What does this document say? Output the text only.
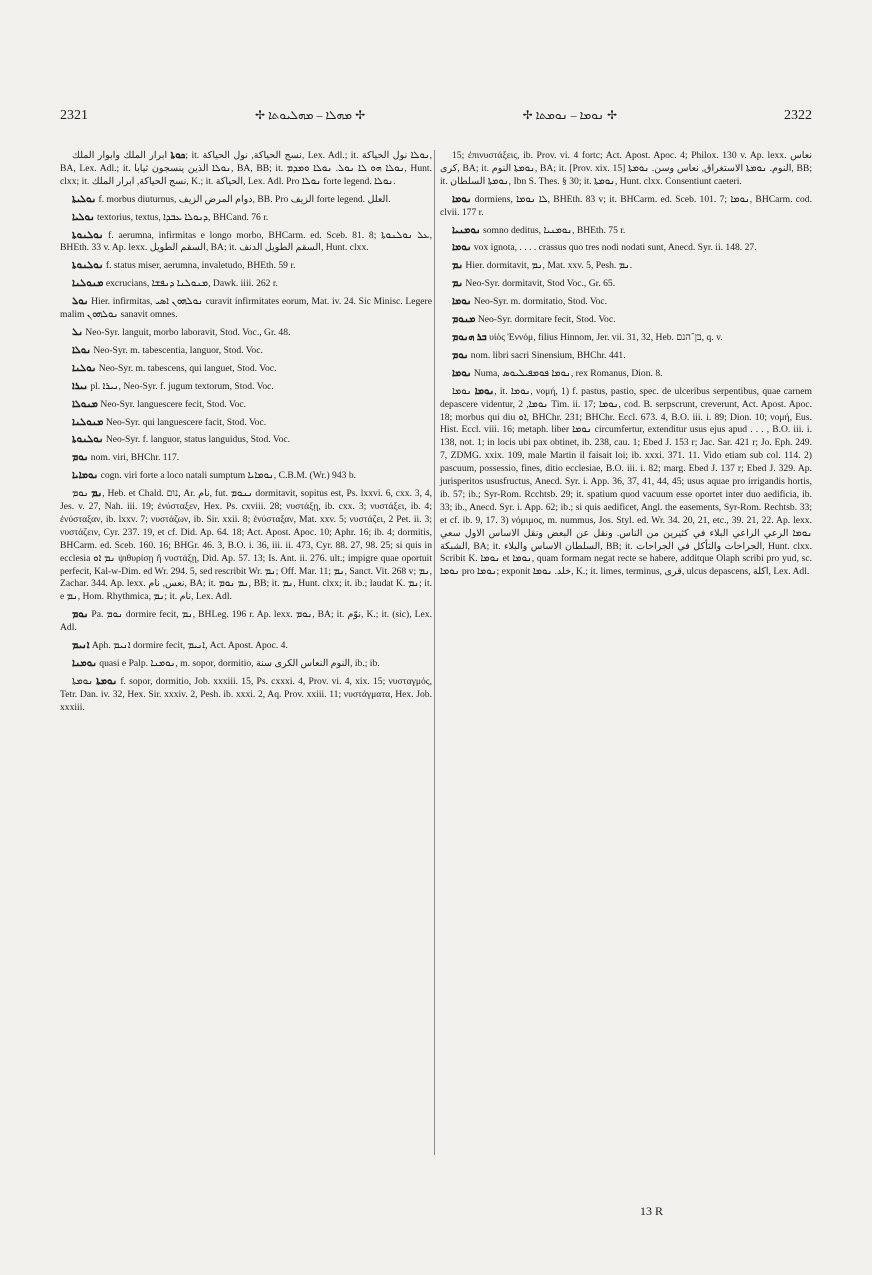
2321	✢ ܡܗܠܐ – ܡܗܠܝܘܬܐ ✢	✢ ܢܘܡܐ – ܢܘܡܬܐ ✢	2322

ܟܘܬܐ ابرار الملك وابوار الملك; it. نسج الحياكة, نول الحياكة, Lex. Adl.; it. ܢܘܠܐ نول الحياكة, BA, Lex. Adl.; it. ܢܘܠܐ الذين ينسجون ثيابا, BA, BB; it. ܢܘܠܐ ܗܘ ܠܐ ܢܘܠ. ܢܘܠܐ ܘܡܕܡ, Hunt. clxx; it. نسج الحياكة, ابرار الملك, K.; it. الحياكة, Lex. Adl. Pro ܢܘܠܐ forte legend. ܢܘܠܐ.

ܢܘܠܝܬܐ f. morbus diuturnus, دوام المرض الزيف, BB. Pro الزيف forte legend. العلل.

ܢܘܠܝܐ textorius, textus, ܕܢܘܠܐ ܥܒܕܐ, BHCand. 76 r.

ܢܘܠܢܘܬܐ f. aerumna, infirmitas e longo morbo, BHCarm. ed. Sceb. 81. 8; ܥܠ ܢܘܠܢܘܬܐ, BHEth. 33 v. Ap. lexx. السقم الطويل, BA; it. السقم الطويل الدنف, Hunt. clxx.

ܢܘܠܢܘܬܐ f. status miser, aerumna, invaletudo, BHEth. 59 r.

ܡܢܘܠܢܐ excrucians, ܡܢܘܠܢܐ ܕܢܦܫܐ, Dawk. iiii. 262 r.

ܢܘܠ Hier. infirmitas, ܢܘܠܗܘܢ ܐܣܝ curavit infirmitates eorum, Mat. iv. 24. Sic Minisc. Legere malim ܢܘܠܗܘܢ sanavit omnes.

ܢܠ Neo-Syr. languit, morbo laboravit, Stod. Voc., Gr. 48.

ܢܘܠܐ Neo-Syr. m. tabescentia, languor, Stod. Voc.

ܢܘܠܢܐ Neo-Syr. m. tabescens, qui languet, Stod. Voc.

ܢܝܪܐ pl. ܢܝܪܐ, Neo-Syr. f. jugum textorum, Stod. Voc.

ܡܢܘܠܐ Neo-Syr. languescere fecit, Stod. Voc.

ܡܢܘܠܢܐ Neo-Syr. qui languescere facit, Stod. Voc.

ܢܘܠܢܘܬܐ Neo-Syr. f. languor, status languidus, Stod. Voc.

ܢܘܡ nom. viri, BHChr. 117.

ܢܘܡܐܝܐ cogn. viri forte a loco natali sumptum ܢܘܡܐܝܐ, C.B.M. (Wr.) 943 b.

ܢܡ ܢܘܡ, Heb. et Chald. נום, Ar. نام, fut. ܢܢܘܡ dormitavit, sopitus est, Ps. lxxvi. 6, cxx. 3, 4, Jes. v. 27, Nah. iii. 19; ἐνύσταξεν, Hex. Ps. cxviii. 28; νυστάξῃ, ib. cxx. 3; νυστάξει, ib. 4; ἐνύσταξαν, ib. lxxv. 7; νυστάζων, ib. Sir. xxii. 8; ἐνύσταξαν, Mat. xxv. 5; νυστάζει, 2 Pet. ii. 3; νυστάζειν, Cyr. 237. 19, et cf. Did. Ap. 64. 18; Act. Apost. Apoc. 10; Aphr. 16; ib. 4; dormitis, BHCarm. ed. Sceb. 160. 16; BHGr. 46. 3, B.O. i. 36, iii. ii. 473, Cyr. 88. 27, 98. 25; si quis in ecclesia ܢܡ ܐܘ ψιθυρίσῃ ἢ νυστάξῃ, Did. Ap. 57. 13; Is. Ant. ii. 276. ult.; impigre quae oportuit perfecit, Kal-w-Dim. ed Wr. 294. 5, sed rescribit Wr. ܢܡ; Off. Mar. 11; ܢܡ, Sanct. Vit. 268 v; ܢܡ, Zachar. 344. Ap. lexx. نعس, نام, BA; it. ܢܡ ܢܘܡ, BB; it. ܢܡ, Hunt. clxx; it. ib.; laudat K. ܢܡ; it. e ܢܡ, Hom. Rhythmica, ܢܡ; it. نام, Lex. Adl.

ܢܘܡ Pa. ܢܘܡ dormire fecit, ܢܡ, BHLeg. 196 r. Ap. lexx. ܢܘܡ, BA; it. نوّم, K.; it. (sic), Lex. Adl.

ܐܢܝܡ Aph. ܐܢܝܡ dormire fecit, ܐܢܝܡ, Act. Apost. Apoc. 4.

ܢܘܡܢܐ quasi e Palp. ܢܘܡܢܐ, m. sopor, dormitio, النوم النعاس الكرى سنة, ib.; ib.

ܢܘܡܬܐ ܢܘܡܬܐ f. sopor, dormitio, Job. xxxiii. 15, Ps. cxxxi. 4, Prov. vi. 4, xix. 15; νυσταγμός, Tetr. Dan. iv. 32, Hex. Sir. xxxiv. 2, Pesh. ib. xxxi. 2, Aq. Prov. xxiii. 11; νυστάγματα, Hex. Job. xxxiii.

15; ἐπινυστάξεις, ib. Prov. vi. 4 fortc; Act. Apost. Apoc. 4; Philox. 130 v. Ap. lexx. نعاس كرى, BA; it. ܢܘܡܬܐ النوم, BA; it. [Prov. xix. 15] النوم. ܢܘܡܬܐ الاستغراق, نعاس وسن. ܢܘܡܬܐ, BB; it. ܢܘܡܬܐ السلطان, Ibn S. Thes. § 30; it. ܢܘܡܬܐ, Hunt. clxx. Consentiunt caeteri.

ܢܘܡܐ dormiens, ܠܐ ܢܘܡܐ, BHEth. 83 v; it. BHCarm. ed. Sceb. 101. 7; ܢܘܡܐ, BHCarm. cod. clvii. 177 r.

ܢܘܡܢܝܐ somno deditus, ܢܘܡܢܝܐ, BHEth. 75 r.

ܢܘܡܐ vox ignota, . . . . crassus quo tres nodi nodati sunt, Anecd. Syr. ii. 148. 27.

ܢܡ Hier. dormitavit, ܢܡ, Mat. xxv. 5, Pesh. ܢܡ.

ܢܡ Neo-Syr. dormitavit, Stod Voc., Gr. 65.

ܢܘܡܐ Neo-Syr. m. dormitatio, Stod. Voc.

ܡܢܘܡ Neo-Syr. dormitare fecit, Stod. Voc.

ܒܪ ܗܢܘܡ υἱὸς Ἐννόμ, filius Hinnom, Jer. vii. 31, 32, Heb. בן־הנם, q. v.

ܢܘܡ nom. libri sacri Sinensium, BHChr. 441.

ܢܘܡܐ Numa, ܢܘܡܐ ܦܘܡܦܝܠܝܘܣ, rex Romanus, Dion. 8.

ܢܘܡܐ ܢܘܡܐ, it. ܢܘܡܐ, νομή, 1) f. pastus, pastio, spec. de ulceribus serpentibus, quae carnem depascere videntur, ܢܘܡܐ, 2 Tim. ii. 17; ܢܘܡܐ, cod. B. serpscrunt, creverunt, Act. Apost. Apoc. 18; morbus qui diu ܐܘ, BHChr. 231; BHChr. Eccl. 673. 4, B.O. iii. i. 89; Dion. 10; νομή, Eus. Hist. Eccl. viii. 16; metaph. liber ܢܘܡܐ circumfertur, extenditur usus ejus apud . . . , B.O. iii. i. 138, not. 1; in locis ubi pax obtinet, ib. 238, cau. 1; Ebed J. 153 r; Jac. Sar. 421 r; Jo. Eph. 249. 7, ZDMG. xxix. 109, male Martin il faisait loi; ib. xxxi. 371. 11. Vido etiam sub col. 114. 2) pascuum, possessio, fines, ditio ecclesiae, B.O. iii. i. 82; marg. Ebed J. 137 r; Ebed J. 329. Ap. jurisperitos ususfructus, Anecd. Syr. i. App. 36, 37, 41, 44, 45; usus aquae pro irrigandis hortis, ib. 57; ib.; Syr-Rom. Rcchtsb. 29; it. spatium quod vacuum esse oportet inter duo aedificia, ib. 33; ib., Anecd. Syr. i. App. 62; ib.; si quis aedificet, Angl. the easements, Syr-Rom. Rechtsb. 33; et cf. ib. 9, 17. 3) νόμιμος, m. nummus, Jos. Styl. ed. Wr. 34. 20, 21, etc., 39. 21, 22. Ap. lexx. ܢܘܡܐ الرعي الراعي البلاء في كثيرين من الناس. ونقل عن البعض ونقل الاساس الاول سعي الشبكة, BA; it. السلطان الاساس والبلاء, BB; it. الجراحات والتأكل في الجراحات, Hunt. clxx. Scribit K. ܢܘܡܐ et ܢܘܡܐ, quam formam negat recte se habere, additque Olaph scribi pro yud, sc. ܢܘܡܐ pro ܢܘܡܐ; exponit خلد. ܢܘܡܐ, K.; it. limes, terminus, قرى, ulcus depascens, اكلة, Lex. Adl.

13 R
